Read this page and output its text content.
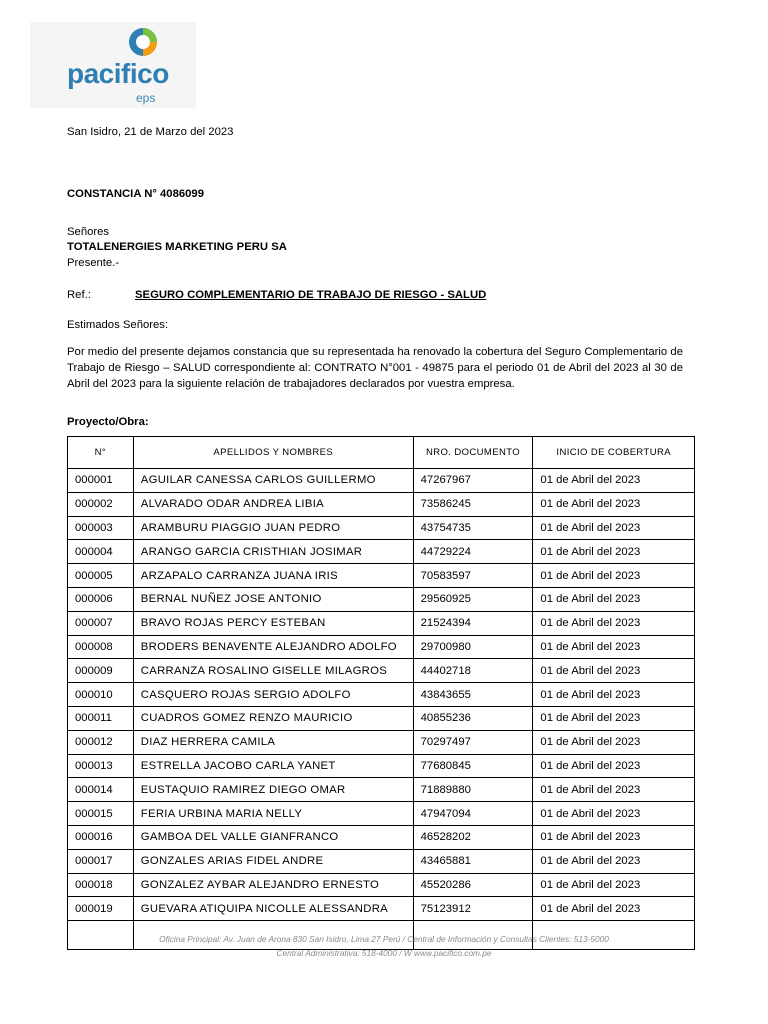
pacifico
eps
San Isidro, 21 de Marzo del 2023
CONSTANCIA N° 4086099
Señores
TOTALENERGIES MARKETING PERU SA
Presente.-
Ref.:	SEGURO COMPLEMENTARIO DE TRABAJO DE RIESGO - SALUD
Estimados Señores:
Por medio del presente dejamos constancia que su representada ha renovado la cobertura del Seguro Complementario de Trabajo de Riesgo – SALUD correspondiente al: CONTRATO N°001 - 49875 para el periodo 01 de Abril del 2023 al 30 de Abril del 2023 para la siguiente relación de trabajadores declarados por vuestra empresa.
Proyecto/Obra:
N°	APELLIDOS Y NOMBRES	NRO. DOCUMENTO	INICIO DE COBERTURA
000001	AGUILAR CANESSA CARLOS GUILLERMO	47267967	01 de Abril del 2023
000002	ALVARADO ODAR ANDREA LIBIA	73586245	01 de Abril del 2023
000003	ARAMBURU PIAGGIO JUAN PEDRO	43754735	01 de Abril del 2023
000004	ARANGO GARCIA CRISTHIAN JOSIMAR	44729224	01 de Abril del 2023
000005	ARZAPALO CARRANZA JUANA IRIS	70583597	01 de Abril del 2023
000006	BERNAL NUÑEZ JOSE ANTONIO	29560925	01 de Abril del 2023
000007	BRAVO ROJAS PERCY ESTEBAN	21524394	01 de Abril del 2023
000008	BRODERS BENAVENTE ALEJANDRO ADOLFO	29700980	01 de Abril del 2023
000009	CARRANZA ROSALINO GISELLE MILAGROS	44402718	01 de Abril del 2023
000010	CASQUERO ROJAS SERGIO ADOLFO	43843655	01 de Abril del 2023
000011	CUADROS GOMEZ RENZO MAURICIO	40855236	01 de Abril del 2023
000012	DIAZ HERRERA CAMILA	70297497	01 de Abril del 2023
000013	ESTRELLA JACOBO CARLA YANET	77680845	01 de Abril del 2023
000014	EUSTAQUIO RAMIREZ DIEGO OMAR	71889880	01 de Abril del 2023
000015	FERIA URBINA MARIA NELLY	47947094	01 de Abril del 2023
000016	GAMBOA DEL VALLE GIANFRANCO	46528202	01 de Abril del 2023
000017	GONZALES ARIAS FIDEL ANDRE	43465881	01 de Abril del 2023
000018	GONZALEZ AYBAR ALEJANDRO ERNESTO	45520286	01 de Abril del 2023
000019	GUEVARA ATIQUIPA NICOLLE ALESSANDRA	75123912	01 de Abril del 2023

Oficina Principal: Av. Juan de Arona 830 San Isidro, Lima 27 Perú / Central de Información y Consultas Clientes: 513-5000
Central Administrativa: 518-4000 / W www.pacifico.com.pe
